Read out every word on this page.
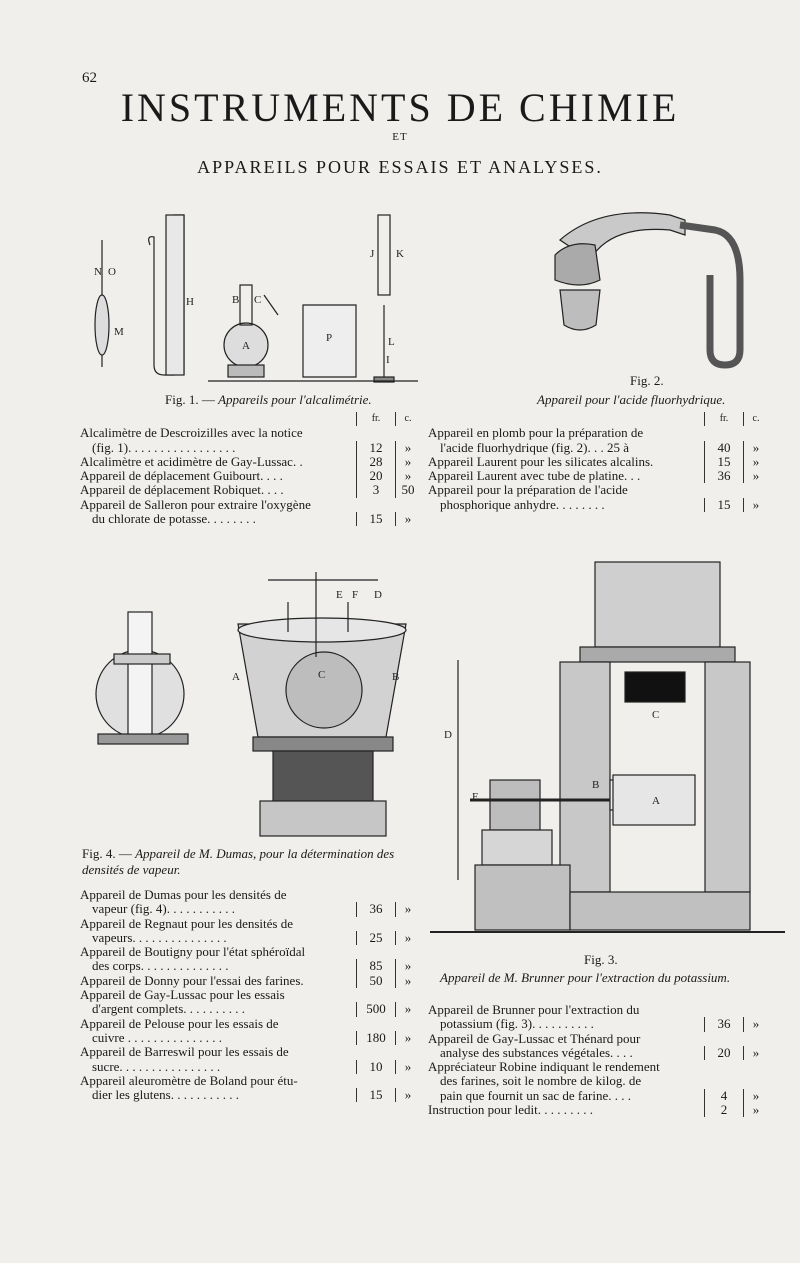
62
INSTRUMENTS DE CHIMIE
ET
APPAREILS POUR ESSAIS ET ANALYSES.
N O
M
H	B C
A
P	L
J K
I
Fig. 1. — Appareils pour l'alcalimétrie.
Fig. 2.
Appareil pour l'acide fluorhydrique.
fr.	c.
Alcalimètre de Descroizilles avec la notice
(fig. 1). . . . . . . . . . . . . . . . .	12	»
Alcalimètre et acidimètre de Gay-Lussac. .	28	»
Appareil de déplacement Guibourt. . . .	20	»
Appareil de déplacement Robiquet. . . .	3	50
Appareil de Salleron pour extraire l'oxygène
du chlorate de potasse. . . . . . . .	15	»
fr.	c.
Appareil en plomb pour la préparation de
l'acide fluorhydrique (fig. 2). . . 25 à	40	»
Appareil Laurent pour les silicates alcalins.	15	»
Appareil Laurent avec tube de platine. . .	36	»
Appareil pour la préparation de l'acide
phosphorique anhydre. . . . . . . .	15	»
E F D
A	B
C
B
A
C
D
E
Fig. 4. — Appareil de M. Dumas, pour la détermination des densités de vapeur.
Fig. 3.
Appareil de M. Brunner pour l'extraction du potassium.
Appareil de Dumas pour les densités de
vapeur (fig. 4). . . . . . . . . . .	36	»
Appareil de Regnaut pour les densités de
vapeurs. . . . . . . . . . . . . . .	25	»
Appareil de Boutigny pour l'état sphéroïdal
des corps. . . . . . . . . . . . . .	85	»
Appareil de Donny pour l'essai des farines.	50	»
Appareil de Gay-Lussac pour les essais
d'argent complets. . . . . . . . . .	500	»
Appareil de Pelouse pour les essais de
cuivre . . . . . . . . . . . . . . .	180	»
Appareil de Barreswil pour les essais de
sucre. . . . . . . . . . . . . . . .	10	»
Appareil aleuromètre de Boland pour étu-
dier les glutens. . . . . . . . . . .	15	»
Appareil de Brunner pour l'extraction du
potassium (fig. 3). . . . . . . . . .	36	»
Appareil de Gay-Lussac et Thénard pour
analyse des substances végétales. . . .	20	»
Appréciateur Robine indiquant le rendement
des farines, soit le nombre de kilog. de
pain que fournit un sac de farine. . . .	4	»
Instruction pour ledit. . . . . . . . .	2	»
